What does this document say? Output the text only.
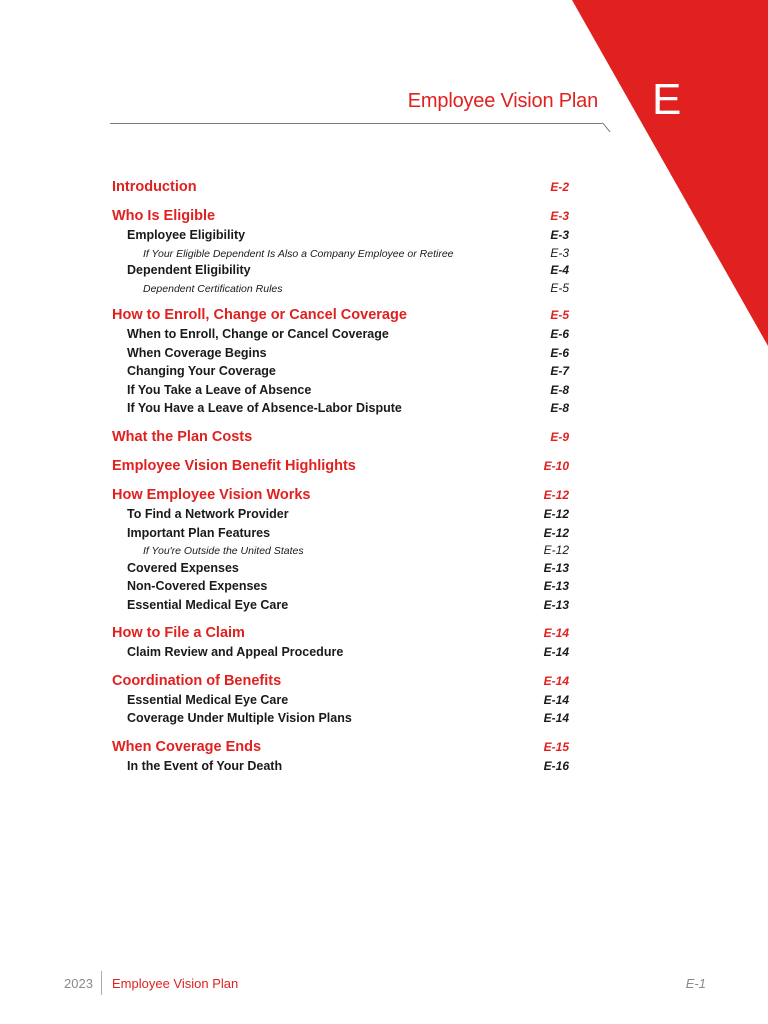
E
Employee Vision Plan
Introduction	E-2
Who Is Eligible	E-3
Employee Eligibility	E-3
If Your Eligible Dependent Is Also a Company Employee or Retiree	E-3
Dependent Eligibility	E-4
Dependent Certification Rules	E-5
How to Enroll, Change or Cancel Coverage	E-5
When to Enroll, Change or Cancel Coverage	E-6
When Coverage Begins	E-6
Changing Your Coverage	E-7
If You Take a Leave of Absence	E-8
If You Have a Leave of Absence-Labor Dispute	E-8
What the Plan Costs	E-9
Employee Vision Benefit Highlights	E-10
How Employee Vision Works	E-12
To Find a Network Provider	E-12
Important Plan Features	E-12
If You're Outside the United States	E-12
Covered Expenses	E-13
Non-Covered Expenses	E-13
Essential Medical Eye Care	E-13
How to File a Claim	E-14
Claim Review and Appeal Procedure	E-14
Coordination of Benefits	E-14
Essential Medical Eye Care	E-14
Coverage Under Multiple Vision Plans	E-14
When Coverage Ends	E-15
In the Event of Your Death	E-16
2023 Employee Vision Plan	E-1
